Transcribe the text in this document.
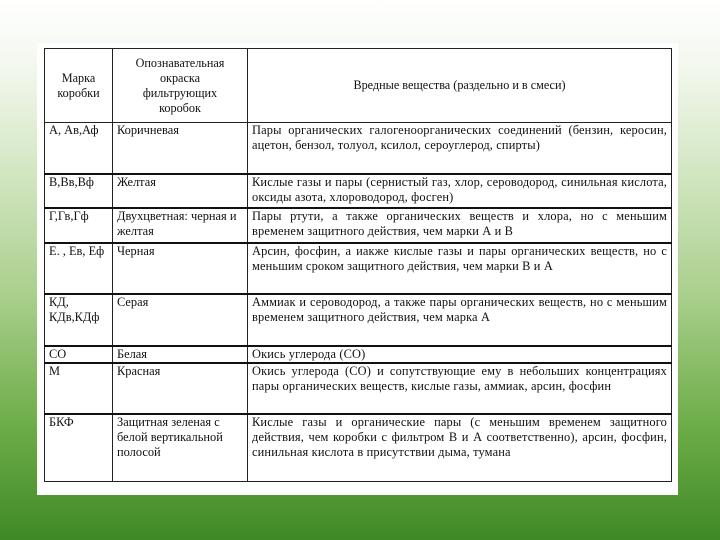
Марка коробки	Опознавательная окраска фильтрующих коробок	Вредные вещества (раздельно и в смеси)
А, Ав,Аф	Коричневая	Пары органических галогеноорганических соединений (бензин, керосин, ацетон, бензол, толуол, ксилол, сероуглерод, спирты)
В,Вв,Вф	Желтая	Кислые газы и пары (сернистый газ, хлор, сероводород, синильная кислота, оксиды азота, хлороводород, фосген)
Г,Гв,Гф	Двухцветная: черная и желтая	Пары ртути, а также органических веществ и хлора, но с меньшим временем защитного действия, чем марки А и В
Е. , Ев, Еф	Черная	Арсин, фосфин, а иакже кислые газы и пары органических веществ, но с меньшим сроком защитного действия, чем марки В и А
КД, КДв,КДф	Серая	Аммиак и сероводород, а также пары органических веществ, но с меньшим временем защитного действия, чем марка А
СО	Белая	Окись углерода (СО)
М	Красная	Окись углерода (СО) и сопутствующие ему в небольших концентрациях пары органических веществ, кислые газы, аммиак, арсин, фосфин
БКФ	Защитная зеленая с белой вертикальной полосой	Кислые газы и органические пары (с меньшим временем защитного действия, чем коробки с фильтром В и А соответственно), арсин, фосфин, синильная кислота в присутствии дыма, тумана
